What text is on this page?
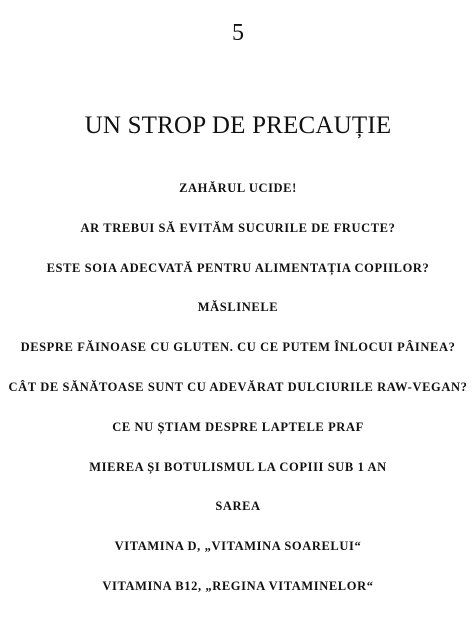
5
UN STROP DE PRECAUȚIE
ZAHĂRUL UCIDE!
AR TREBUI SĂ EVITĂM SUCURILE DE FRUCTE?
ESTE SOIA ADECVATĂ PENTRU ALIMENTAȚIA COPIILOR?
MĂSLINELE
DESPRE FĂINOASE CU GLUTEN. CU CE PUTEM ÎNLOCUI PÂINEA?
CÂT DE SĂNĂTOASE SUNT CU ADEVĂRAT DULCIURILE RAW-VEGAN?
CE NU ȘTIAM DESPRE LAPTELE PRAF
MIEREA ȘI BOTULISMUL LA COPIII SUB 1 AN
SAREA
VITAMINA D, „VITAMINA SOARELUI“
VITAMINA B12, „REGINA VITAMINELOR“
